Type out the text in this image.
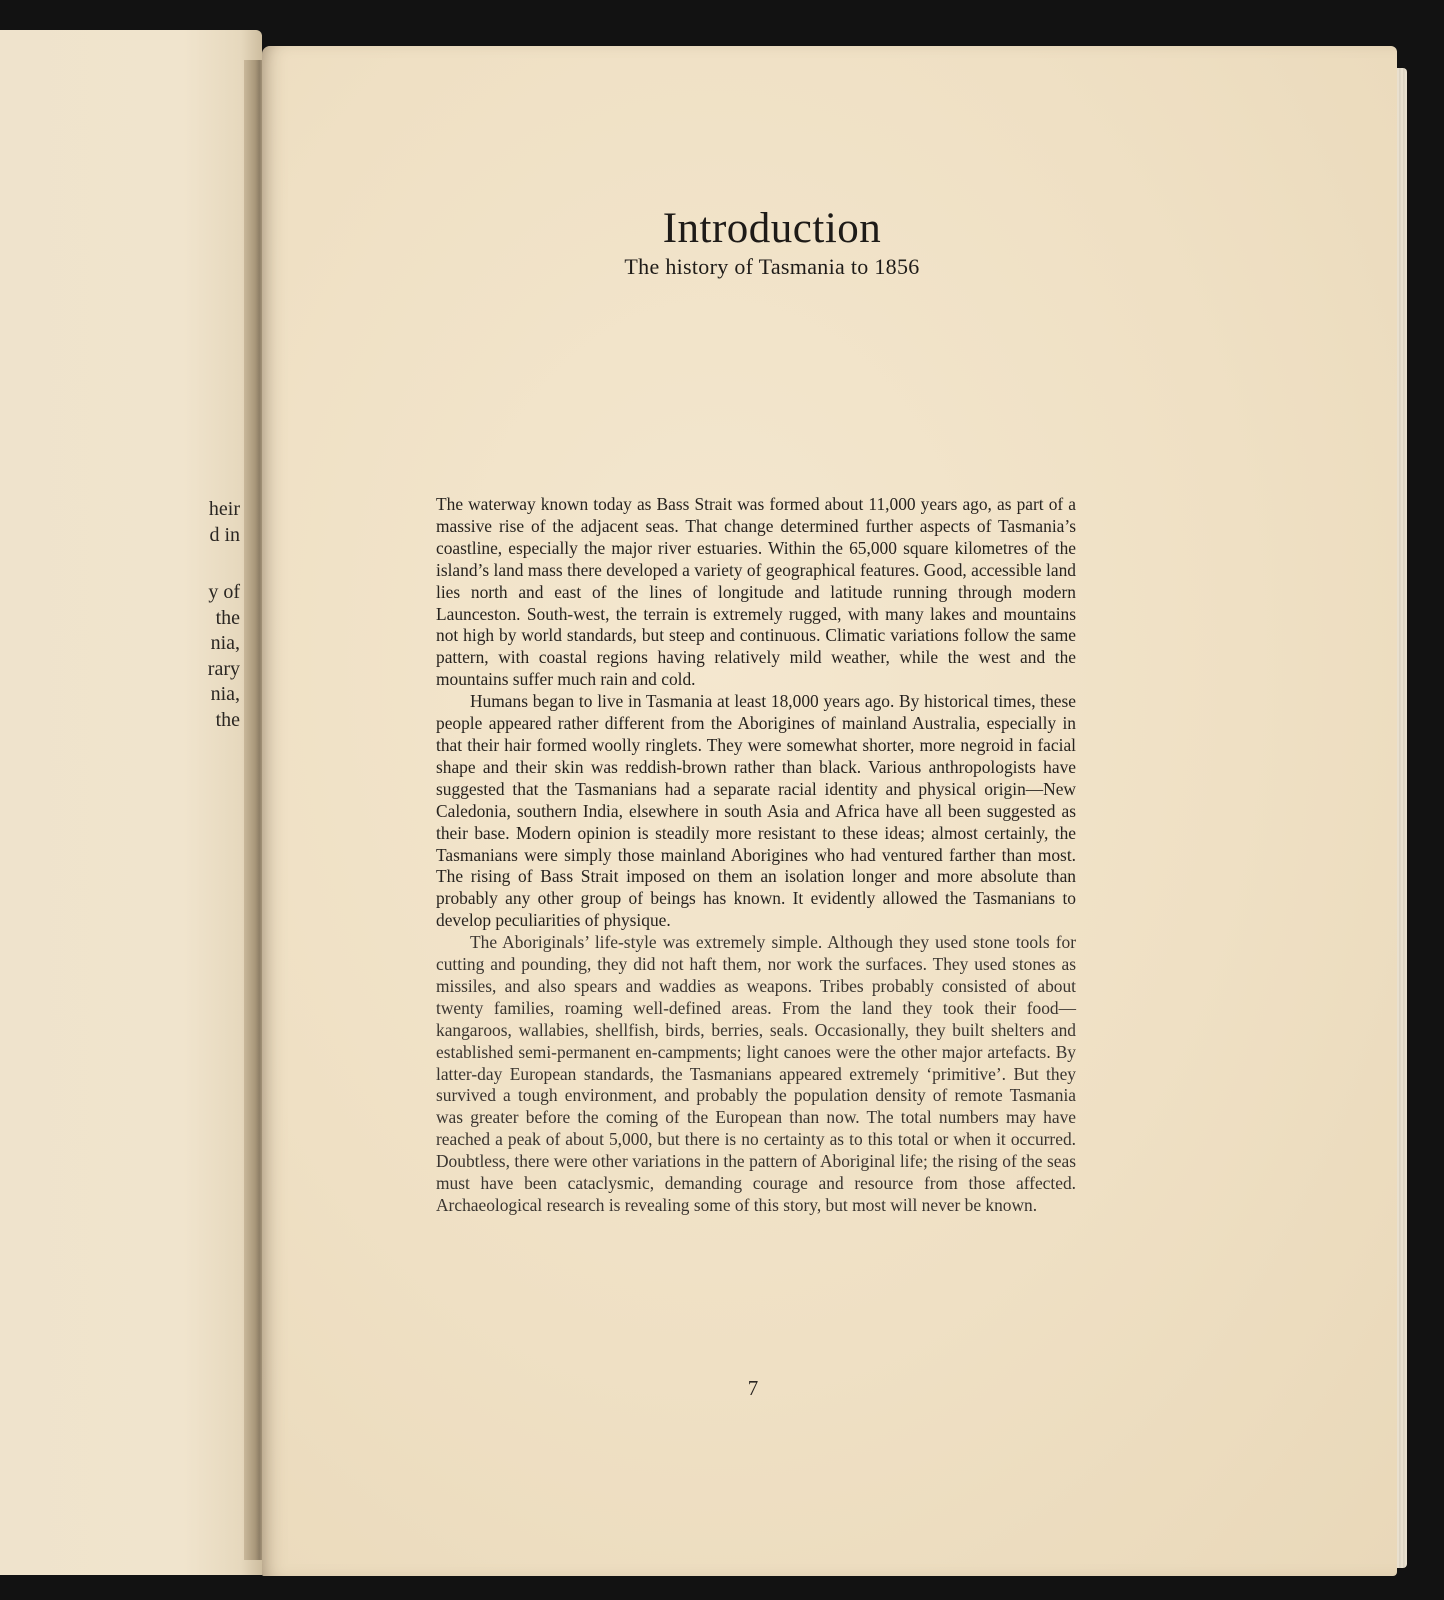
heir
d in
y of
the
nia,
rary
nia,
the
Introduction
The history of Tasmania to 1856

The waterway known today as Bass Strait was formed about 11,000 years ago, as part of a massive rise of the adjacent seas. That change determined further aspects of Tasmania’s coastline, especially the major river estuaries. Within the 65,000 square kilometres of the island’s land mass there developed a variety of geographical features. Good, accessible land lies north and east of the lines of longitude and latitude running through modern Launceston. South-west, the terrain is extremely rugged, with many lakes and mountains not high by world standards, but steep and continuous. Climatic variations follow the same pattern, with coastal regions having relatively mild weather, while the west and the mountains suffer much rain and cold.

Humans began to live in Tasmania at least 18,000 years ago. By historical times, these people appeared rather different from the Aborigines of mainland Australia, especially in that their hair formed woolly ringlets. They were somewhat shorter, more negroid in facial shape and their skin was reddish-brown rather than black. Various anthropologists have suggested that the Tasmanians had a separate racial identity and physical origin—New Caledonia, southern India, elsewhere in south Asia and Africa have all been suggested as their base. Modern opinion is steadily more resistant to these ideas; almost certainly, the Tasmanians were simply those mainland Aborigines who had ventured farther than most. The rising of Bass Strait imposed on them an isolation longer and more absolute than probably any other group of beings has known. It evidently allowed the Tasmanians to develop peculiarities of physique.

The Aboriginals’ life-style was extremely simple. Although they used stone tools for cutting and pounding, they did not haft them, nor work the surfaces. They used stones as missiles, and also spears and waddies as weapons. Tribes probably consisted of about twenty families, roaming well-defined areas. From the land they took their food—kangaroos, wallabies, shellfish, birds, berries, seals. Occasionally, they built shelters and established semi-permanent en-campments; light canoes were the other major artefacts. By latter-day European standards, the Tasmanians appeared extremely ‘primitive’. But they survived a tough environment, and probably the population density of remote Tasmania was greater before the coming of the European than now. The total numbers may have reached a peak of about 5,000, but there is no certainty as to this total or when it occurred. Doubtless, there were other variations in the pattern of Aboriginal life; the rising of the seas must have been cataclysmic, demanding courage and resource from those affected. Archaeological research is revealing some of this story, but most will never be known.

7
